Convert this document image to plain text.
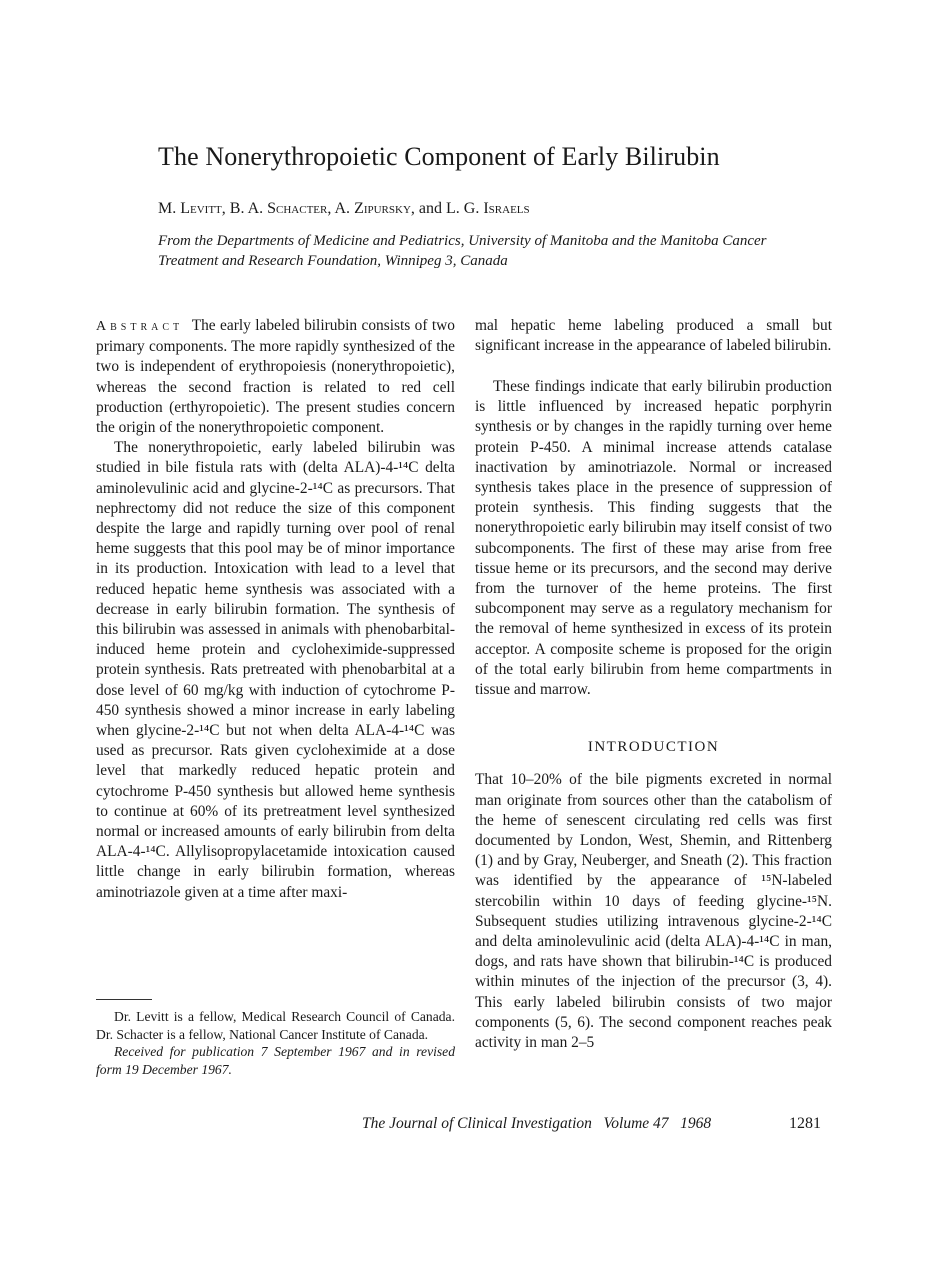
The Nonerythropoietic Component of Early Bilirubin
M. Levitt, B. A. Schacter, A. Zipursky, and L. G. Israels
From the Departments of Medicine and Pediatrics, University of Manitoba and the Manitoba Cancer Treatment and Research Foundation, Winnipeg 3, Canada

Abstract The early labeled bilirubin consists of two primary components. The more rapidly synthesized of the two is independent of erythropoiesis (nonerythropoietic), whereas the second fraction is related to red cell production (erthyropoietic). The present studies concern the origin of the nonerythropoietic component.

The nonerythropoietic, early labeled bilirubin was studied in bile fistula rats with (delta ALA)-4-¹⁴C delta aminolevulinic acid and glycine-2-¹⁴C as precursors. That nephrectomy did not reduce the size of this component despite the large and rapidly turning over pool of renal heme suggests that this pool may be of minor importance in its production. Intoxication with lead to a level that reduced hepatic heme synthesis was associated with a decrease in early bilirubin formation. The synthesis of this bilirubin was assessed in animals with phenobarbital-induced heme protein and cycloheximide-suppressed protein synthesis. Rats pretreated with phenobarbital at a dose level of 60 mg/kg with induction of cytochrome P-450 synthesis showed a minor increase in early labeling when glycine-2-¹⁴C but not when delta ALA-4-¹⁴C was used as precursor. Rats given cycloheximide at a dose level that markedly reduced hepatic protein and cytochrome P-450 synthesis but allowed heme synthesis to continue at 60% of its pretreatment level synthesized normal or increased amounts of early bilirubin from delta ALA-4-¹⁴C. Allylisopropylacetamide intoxication caused little change in early bilirubin formation, whereas aminotriazole given at a time after maxi-

mal hepatic heme labeling produced a small but significant increase in the appearance of labeled bilirubin.

These findings indicate that early bilirubin production is little influenced by increased hepatic porphyrin synthesis or by changes in the rapidly turning over heme protein P-450. A minimal increase attends catalase inactivation by aminotriazole. Normal or increased synthesis takes place in the presence of suppression of protein synthesis. This finding suggests that the nonerythropoietic early bilirubin may itself consist of two subcomponents. The first of these may arise from free tissue heme or its precursors, and the second may derive from the turnover of the heme proteins. The first subcomponent may serve as a regulatory mechanism for the removal of heme synthesized in excess of its protein acceptor. A composite scheme is proposed for the origin of the total early bilirubin from heme compartments in tissue and marrow.

INTRODUCTION

That 10–20% of the bile pigments excreted in normal man originate from sources other than the catabolism of the heme of senescent circulating red cells was first documented by London, West, Shemin, and Rittenberg (1) and by Gray, Neuberger, and Sneath (2). This fraction was identified by the appearance of ¹⁵N-labeled stercobilin within 10 days of feeding glycine-¹⁵N. Subsequent studies utilizing intravenous glycine-2-¹⁴C and delta aminolevulinic acid (delta ALA)-4-¹⁴C in man, dogs, and rats have shown that bilirubin-¹⁴C is produced within minutes of the injection of the precursor (3, 4). This early labeled bilirubin consists of two major components (5, 6). The second component reaches peak activity in man 2–5

Dr. Levitt is a fellow, Medical Research Council of Canada. Dr. Schacter is a fellow, National Cancer Institute of Canada.

Received for publication 7 September 1967 and in revised form 19 December 1967.

The Journal of Clinical Investigation   Volume 47   1968	1281
